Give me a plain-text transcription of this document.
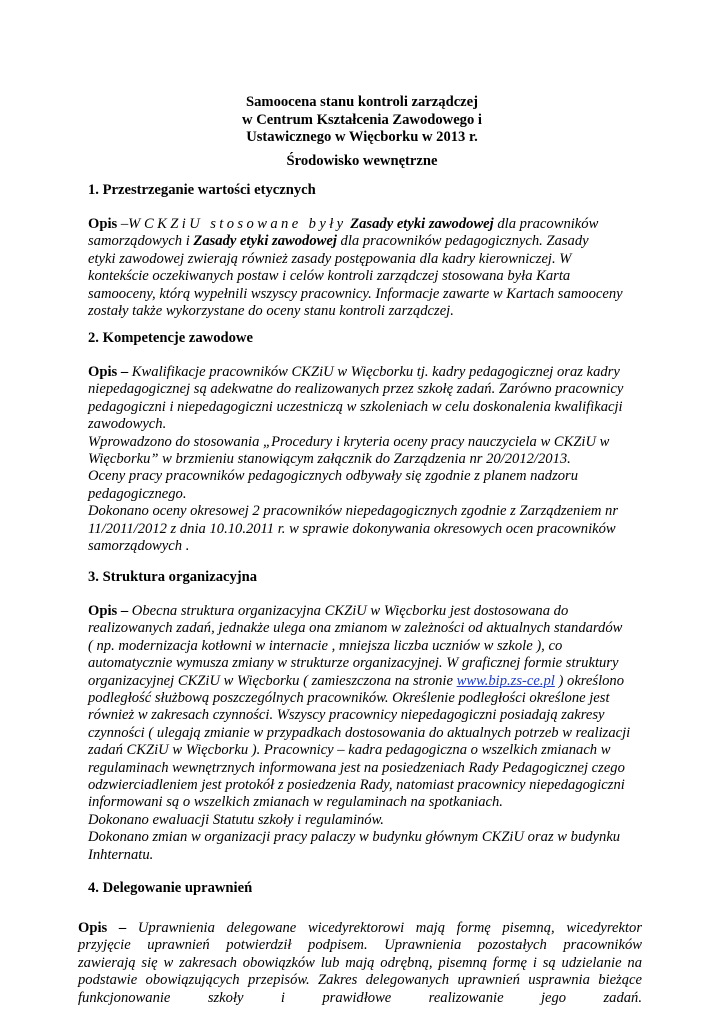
Samoocena stanu kontroli zarządczej
w Centrum Kształcenia Zawodowego i
Ustawicznego w Więcborku w 2013 r.
Środowisko wewnętrzne
1. Przestrzeganie wartości etycznych
Opis –W CKZiU stosowane były Zasady etyki zawodowej dla pracowników
samorządowych i Zasady etyki zawodowej dla pracowników pedagogicznych. Zasady
etyki zawodowej zwierają również zasady postępowania dla kadry kierowniczej. W
kontekście oczekiwanych postaw i celów kontroli zarządczej stosowana była Karta
samooceny, którą wypełnili wszyscy pracownicy. Informacje zawarte w Kartach samooceny
zostały także wykorzystane do oceny stanu kontroli zarządczej.
2. Kompetencje zawodowe
Opis – Kwalifikacje pracowników CKZiU w Więcborku tj. kadry pedagogicznej oraz kadry
niepedagogicznej są adekwatne do realizowanych przez szkołę zadań. Zarówno pracownicy
pedagogiczni i niepedagogiczni uczestniczą w szkoleniach w celu doskonalenia kwalifikacji
zawodowych.
Wprowadzono do stosowania „Procedury i kryteria oceny pracy nauczyciela w CKZiU w
Więcborku” w brzmieniu stanowiącym załącznik do Zarządzenia nr 20/2012/2013.
Oceny pracy pracowników pedagogicznych odbywały się zgodnie z planem nadzoru
pedagogicznego.
Dokonano oceny okresowej 2 pracowników niepedagogicznych zgodnie z Zarządzeniem nr
11/2011/2012 z dnia 10.10.2011 r. w sprawie dokonywania okresowych ocen pracowników
samorządowych .
3. Struktura organizacyjna
Opis – Obecna struktura organizacyjna CKZiU w Więcborku jest dostosowana do
realizowanych zadań, jednakże ulega ona zmianom w zależności od aktualnych standardów
( np. modernizacja kotłowni w internacie , mniejsza liczba uczniów w szkole ), co
automatycznie wymusza zmiany w strukturze organizacyjnej. W graficznej formie struktury
organizacyjnej CKZiU w Więcborku ( zamieszczona na stronie www.bip.zs-ce.pl ) określono
podległość służbową poszczególnych pracowników. Określenie podległości określone jest
również w zakresach czynności. Wszyscy pracownicy niepedagogiczni posiadają zakresy
czynności ( ulegają zmianie w przypadkach dostosowania do aktualnych potrzeb w realizacji
zadań CKZiU w Więcborku ). Pracownicy – kadra pedagogiczna o wszelkich zmianach w
regulaminach wewnętrznych informowana jest na posiedzeniach Rady Pedagogicznej czego
odzwierciadleniem jest protokół z posiedzenia Rady, natomiast pracownicy niepedagogiczni
informowani są o wszelkich zmianach w regulaminach na spotkaniach.
Dokonano ewaluacji Statutu szkoły i regulaminów.
Dokonano zmian w organizacji pracy palaczy w budynku głównym CKZiU oraz w budynku
Inhternatu.
4. Delegowanie uprawnień
Opis – Uprawnienia delegowane wicedyrektorowi mają formę pisemną, wicedyrektor
przyjęcie uprawnień potwierdził podpisem. Uprawnienia pozostałych pracowników
zawierają się w zakresach obowiązków lub mają odrębną, pisemną formę i są udzielanie na
podstawie obowiązujących przepisów. Zakres delegowanych uprawnień usprawnia bieżące
funkcjonowanie szkoły i prawidłowe realizowanie jego zadań.
